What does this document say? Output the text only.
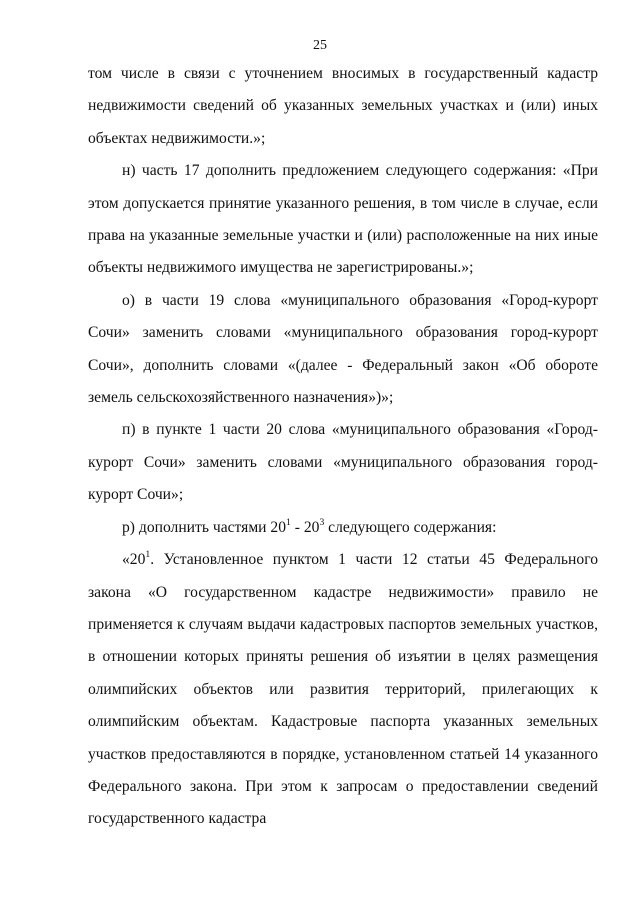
25

том числе в связи с уточнением вносимых в государственный кадастр недвижимости сведений об указанных земельных участках и (или) иных объектах недвижимости.»;

н) часть 17 дополнить предложением следующего содержания: «При этом допускается принятие указанного решения, в том числе в случае, если права на указанные земельные участки и (или) расположенные на них иные объекты недвижимого имущества не зарегистрированы.»;

о) в части 19 слова «муниципального образования «Город-курорт Сочи» заменить словами «муниципального образования город-курорт Сочи», дополнить словами «(далее - Федеральный закон «Об обороте земель сельскохозяйственного назначения»)»;

п) в пункте 1 части 20 слова «муниципального образования «Город-курорт Сочи» заменить словами «муниципального образования город-курорт Сочи»;

р) дополнить частями $20^1 - 20^3$ следующего содержания:

«$20^1$. Установленное пунктом 1 части 12 статьи 45 Федерального закона «О государственном кадастре недвижимости» правило не применяется к случаям выдачи кадастровых паспортов земельных участков, в отношении которых приняты решения об изъятии в целях размещения олимпийских объектов или развития территорий, прилегающих к олимпийским объектам. Кадастровые паспорта указанных земельных участков предоставляются в порядке, установленном статьей 14 указанного Федерального закона. При этом к запросам о предоставлении сведений государственного кадастра
